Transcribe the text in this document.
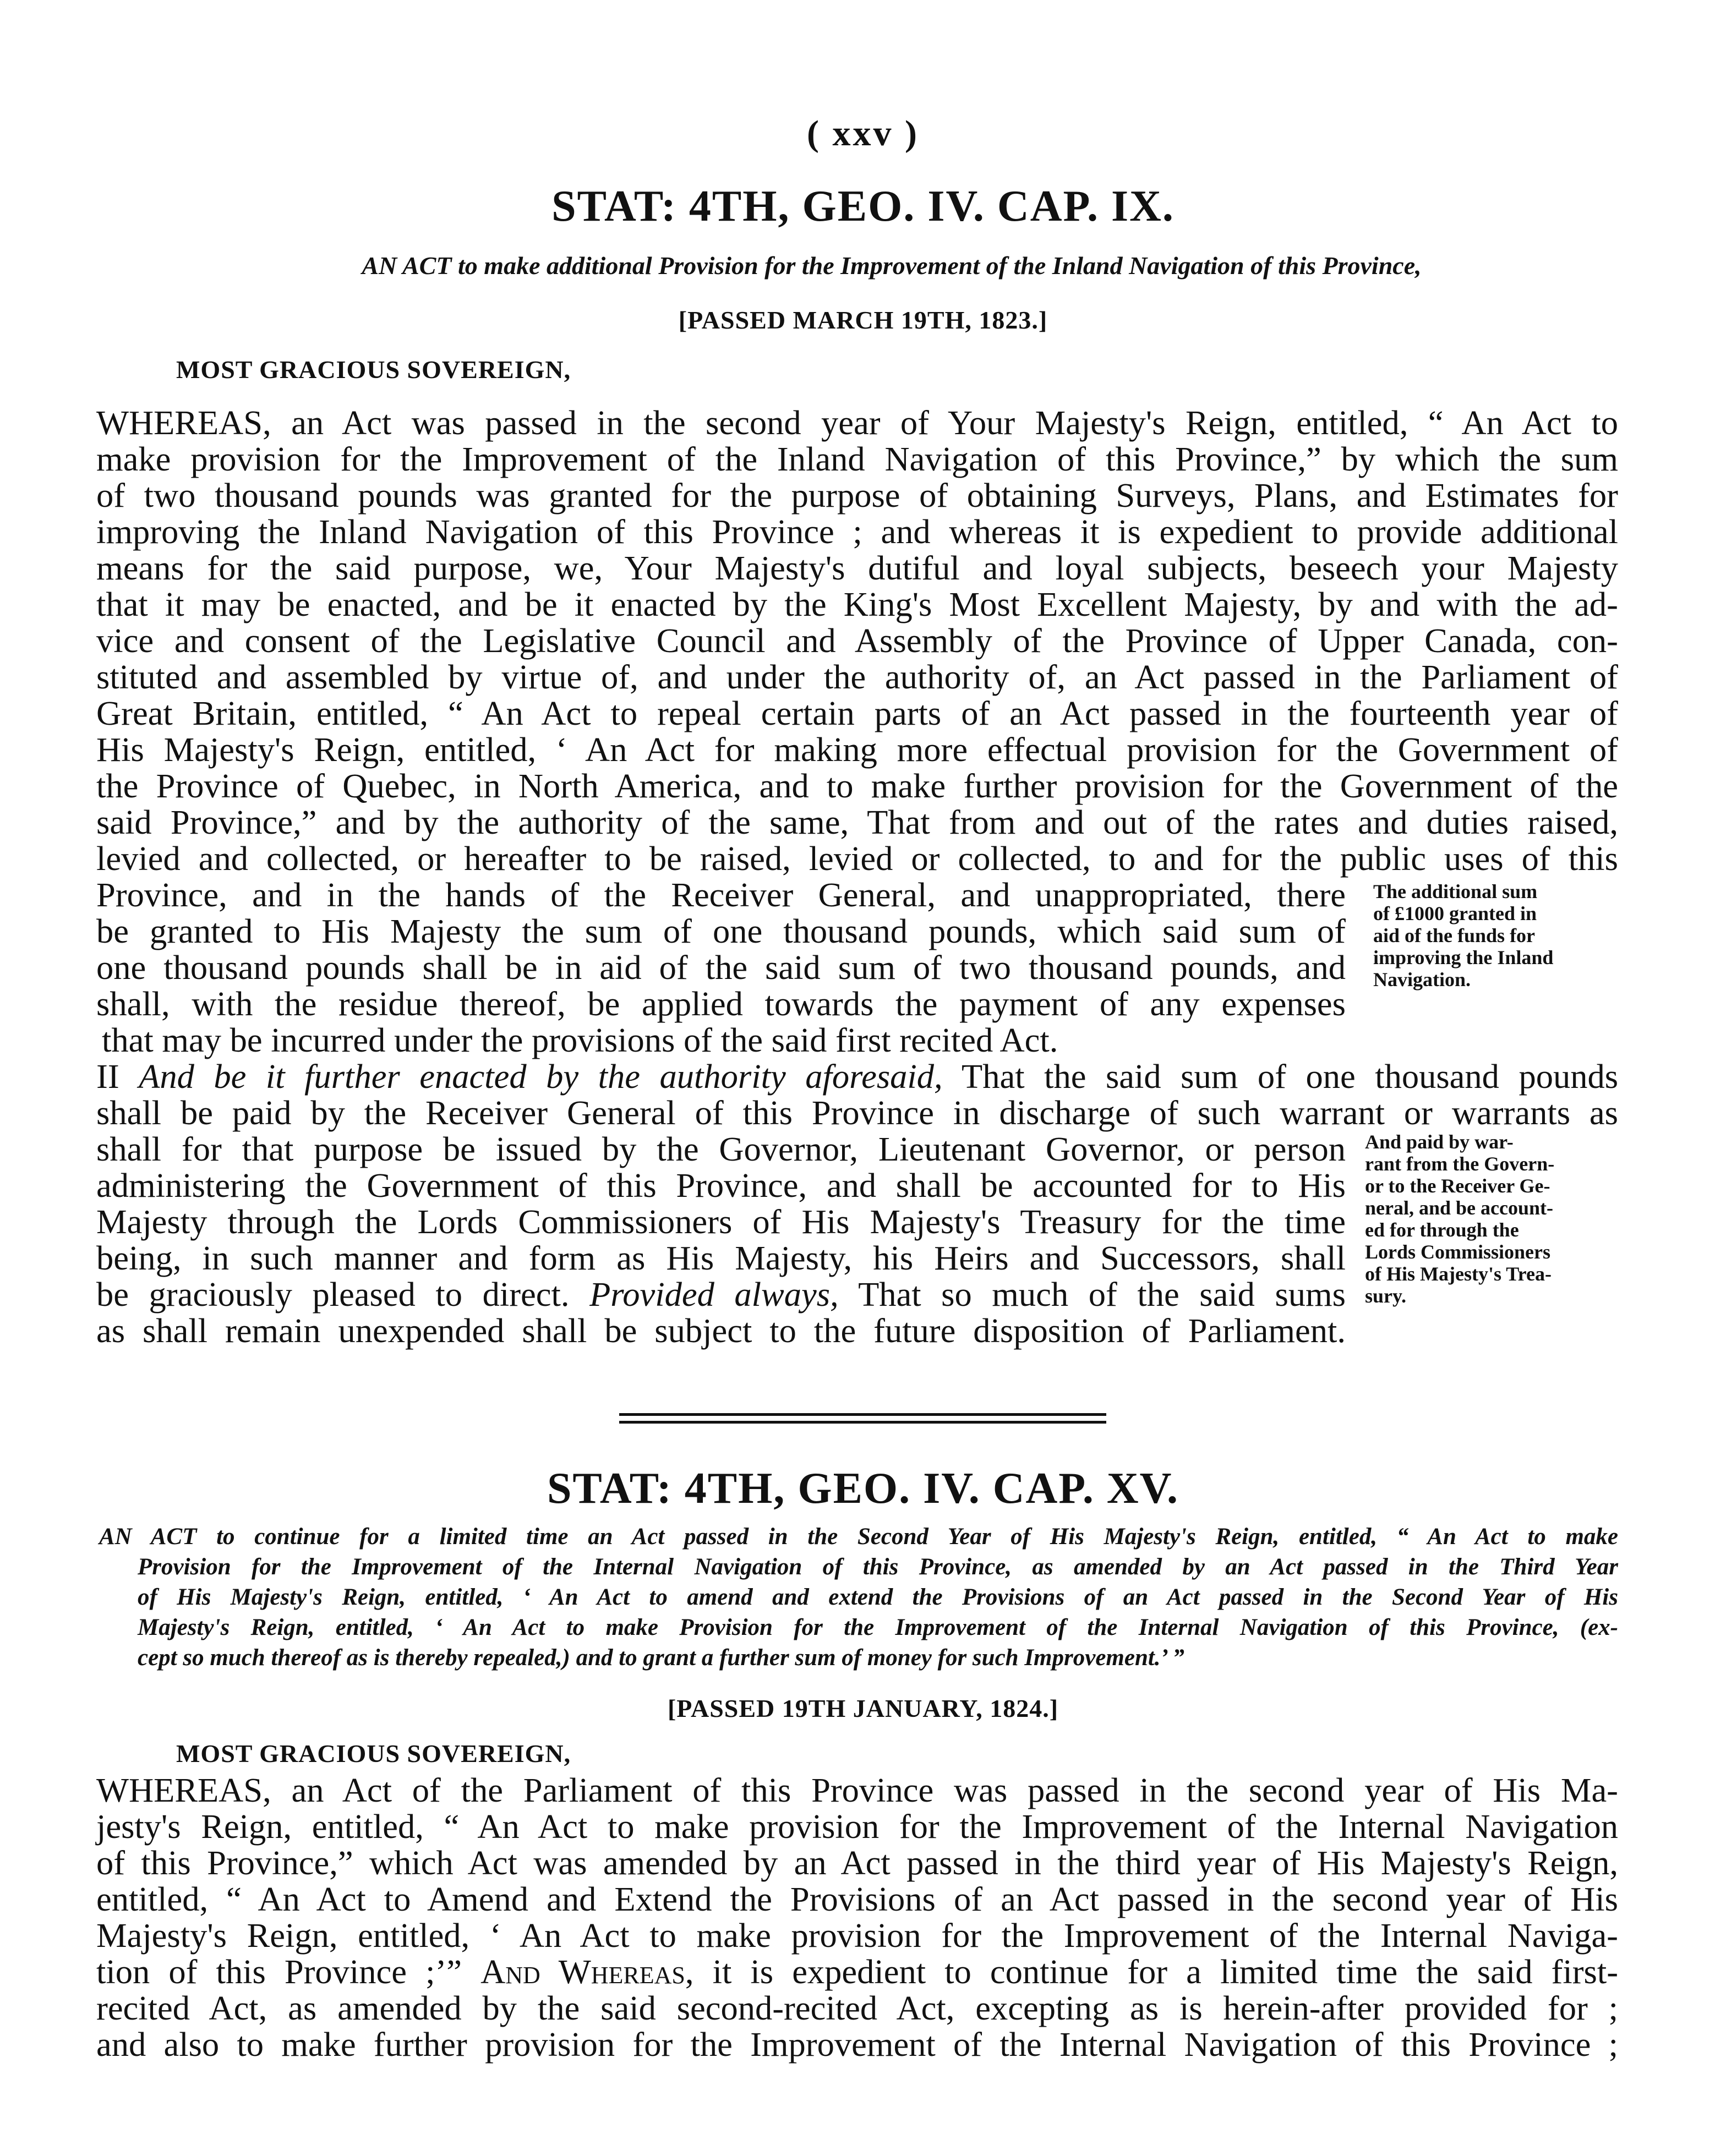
( xxv )
STAT: 4TH, GEO. IV. CAP. IX.
AN ACT to make additional Provision for the Improvement of the Inland Navigation of this Province,
[PASSED MARCH 19TH, 1823.]
MOST GRACIOUS SOVEREIGN,
WHEREAS, an Act was passed in the second year of Your Majesty's Reign, entitled, “ An Act to
make provision for the Improvement of the Inland Navigation of this Province,” by which the sum
of two thousand pounds was granted for the purpose of obtaining Surveys, Plans, and Estimates for
improving the Inland Navigation of this Province ; and whereas it is expedient to provide additional
means for the said purpose, we, Your Majesty's dutiful and loyal subjects, beseech your Majesty
that it may be enacted, and be it enacted by the King's Most Excellent Majesty, by and with the ad-
vice and consent of the Legislative Council and Assembly of the Province of Upper Canada, con-
stituted and assembled by virtue of, and under the authority of, an Act passed in the Parliament of
Great Britain, entitled, “ An Act to repeal certain parts of an Act passed in the fourteenth year of
His Majesty's Reign, entitled, ‘ An Act for making more effectual provision for the Government of
the Province of Quebec, in North America, and to make further provision for the Government of the
said Province,” and by the authority of the same, That from and out of the rates and duties raised,
levied and collected, or hereafter to be raised, levied or collected, to and for the public uses of this
Province, and in the hands of the Receiver General, and unappropriated, there
be granted to His Majesty the sum of one thousand pounds, which said sum of
one thousand pounds shall be in aid of the said sum of two thousand pounds, and
shall, with the residue thereof, be applied towards the payment of any expenses
that may be incurred under the provisions of the said first recited Act.
The additional sum
of £1000 granted in
aid of the funds for
improving the Inland
Navigation.
II And be it further enacted by the authority aforesaid, That the said sum of one thousand pounds
shall be paid by the Receiver General of this Province in discharge of such warrant or warrants as
shall for that purpose be issued by the Governor, Lieutenant Governor, or person
administering the Government of this Province, and shall be accounted for to His
Majesty through the Lords Commissioners of His Majesty's Treasury for the time
being, in such manner and form as His Majesty, his Heirs and Successors, shall
be graciously pleased to direct. Provided always, That so much of the said sums
as shall remain unexpended shall be subject to the future disposition of Parliament.
And paid by war-
rant from the Govern-
or to the Receiver Ge-
neral, and be account-
ed for through the
Lords Commissioners
of His Majesty's Trea-
sury.
STAT: 4TH, GEO. IV. CAP. XV.
AN ACT to continue for a limited time an Act passed in the Second Year of His Majesty's Reign, entitled, “ An Act to make
Provision for the Improvement of the Internal Navigation of this Province, as amended by an Act passed in the Third Year
of His Majesty's Reign, entitled, ‘ An Act to amend and extend the Provisions of an Act passed in the Second Year of His
Majesty's Reign, entitled, ‘ An Act to make Provision for the Improvement of the Internal Navigation of this Province, (ex-
cept so much thereof as is thereby repealed,) and to grant a further sum of money for such Improvement.’ ”
[PASSED 19TH JANUARY, 1824.]
MOST GRACIOUS SOVEREIGN,
WHEREAS, an Act of the Parliament of this Province was passed in the second year of His Ma-
jesty's Reign, entitled, “ An Act to make provision for the Improvement of the Internal Navigation
of this Province,” which Act was amended by an Act passed in the third year of His Majesty's Reign,
entitled, “ An Act to Amend and Extend the Provisions of an Act passed in the second year of His
Majesty's Reign, entitled, ‘ An Act to make provision for the Improvement of the Internal Naviga-
tion of this Province ;’” And Whereas, it is expedient to continue for a limited time the said first-
recited Act, as amended by the said second-recited Act, excepting as is herein-after provided for ;
and also to make further provision for the Improvement of the Internal Navigation of this Province ;
